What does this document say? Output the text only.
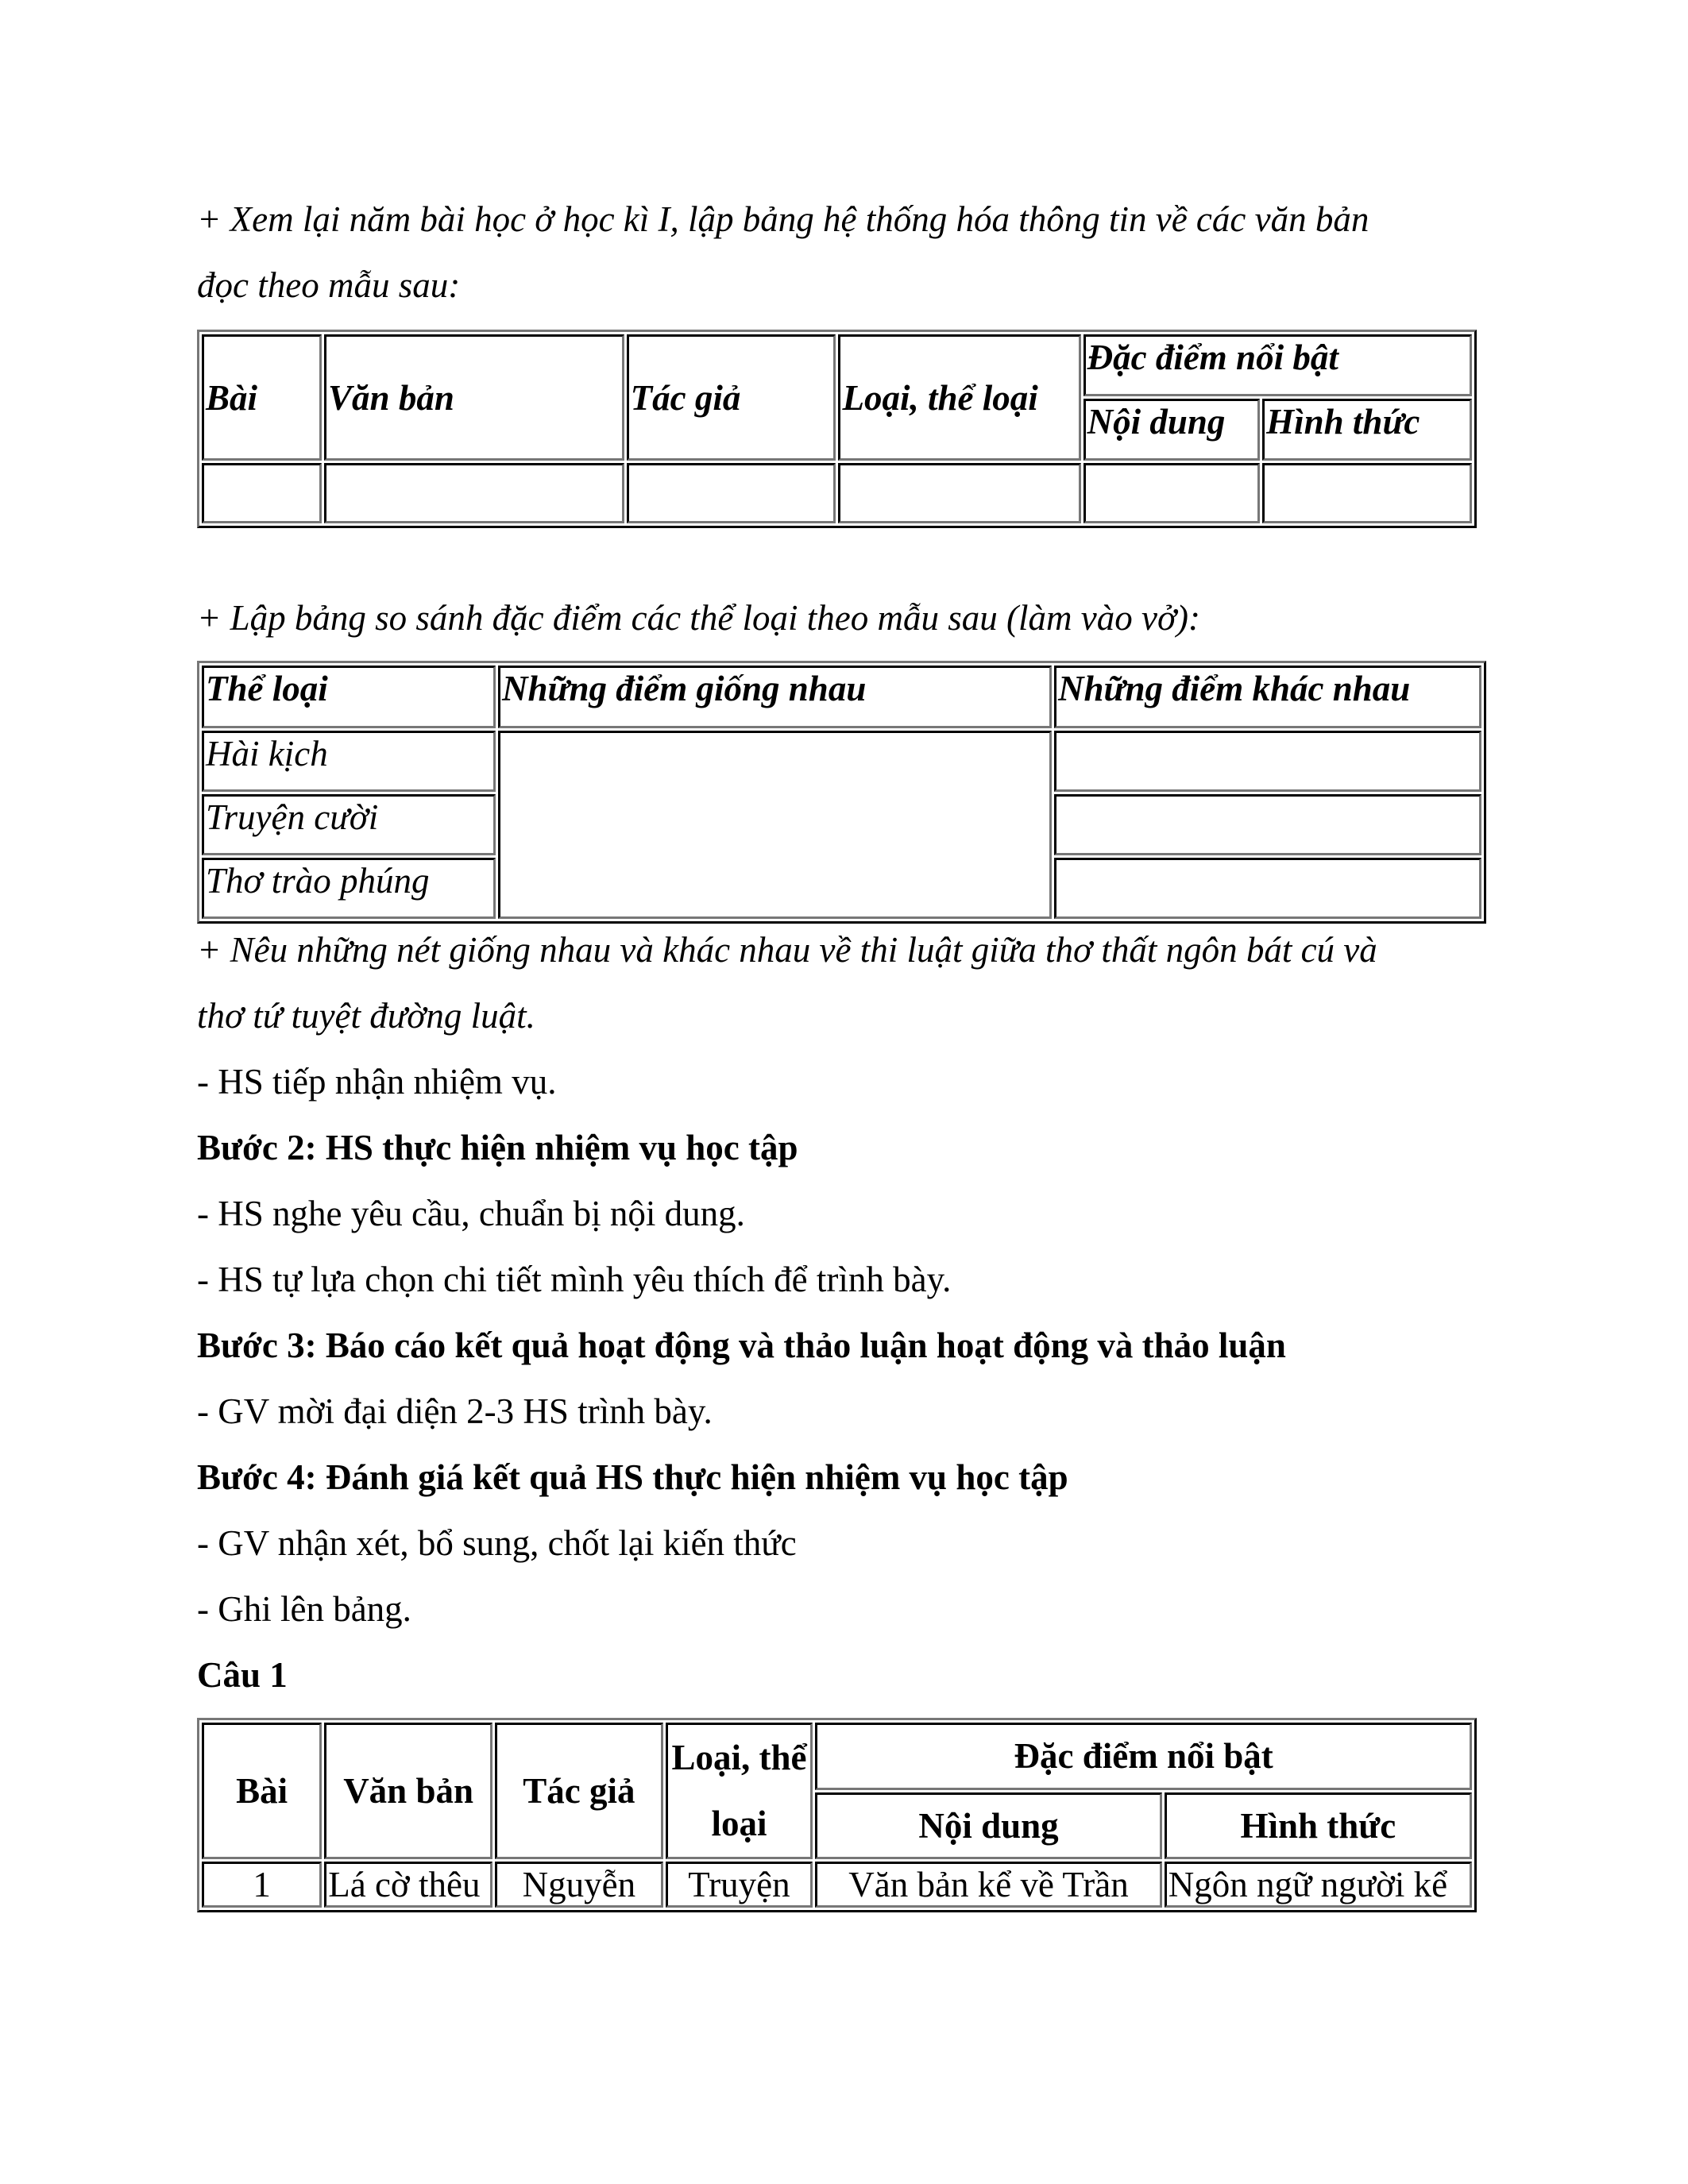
+ Xem lại năm bài học ở học kì I, lập bảng hệ thống hóa thông tin về các văn bản
đọc theo mẫu sau:
Bài	Văn bản	Tác giả	Loại, thể loại	Đặc điểm nổi bật	
				Nội dung	Hình thức

+ Lập bảng so sánh đặc điểm các thể loại theo mẫu sau (làm vào vở):
Thể loại	Những điểm giống nhau	Những điểm khác nhau
Hài kịch		
Truyện cười		
Thơ trào phúng		
+ Nêu những nét giống nhau và khác nhau về thi luật giữa thơ thất ngôn bát cú và
thơ tứ tuyệt đường luật.
- HS tiếp nhận nhiệm vụ.
Bước 2: HS thực hiện nhiệm vụ học tập
- HS nghe yêu cầu, chuẩn bị nội dung.
- HS tự lựa chọn chi tiết mình yêu thích để trình bày.
Bước 3: Báo cáo kết quả hoạt động và thảo luận hoạt động và thảo luận
- GV mời đại diện 2-3 HS trình bày.
Bước 4: Đánh giá kết quả HS thực hiện nhiệm vụ học tập
- GV nhận xét, bổ sung, chốt lại kiến thức
- Ghi lên bảng.
Câu 1
Bài	Văn bản	Tác giả	Loại, thể loại	Đặc điểm nổi bật	
				Nội dung	Hình thức
1	Lá cờ thêu	Nguyễn	Truyện	Văn bản kể về Trần	Ngôn ngữ người kể
